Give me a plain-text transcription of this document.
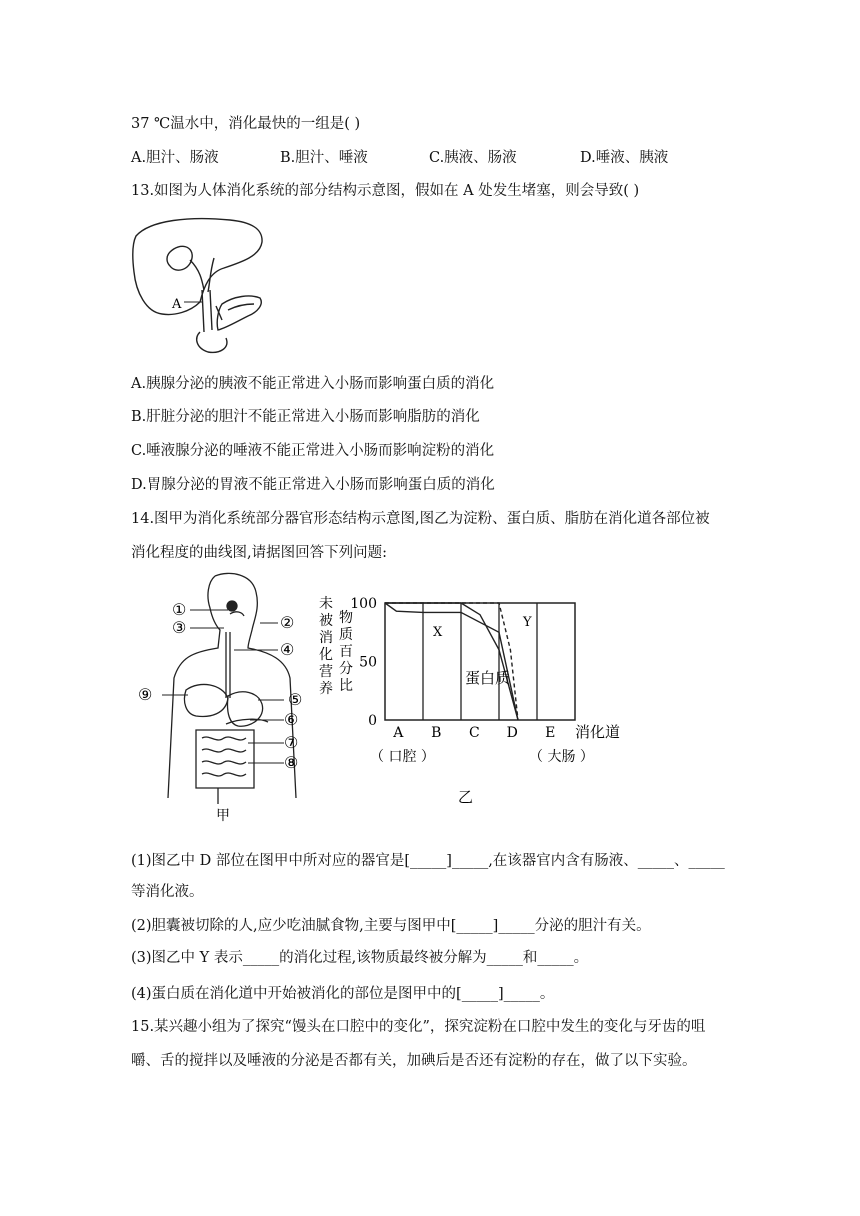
37 ℃温水中，消化最快的一组是( )
A.胆汁、肠液	B.胆汁、唾液	C.胰液、肠液	D.唾液、胰液
13.如图为人体消化系统的部分结构示意图，假如在 A 处发生堵塞，则会导致( )
A
A.胰腺分泌的胰液不能正常进入小肠而影响蛋白质的消化
B.肝脏分泌的胆汁不能正常进入小肠而影响脂肪的消化
C.唾液腺分泌的唾液不能正常进入小肠而影响淀粉的消化
D.胃腺分泌的胃液不能正常进入小肠而影响蛋白质的消化
14.图甲为消化系统部分器官形态结构示意图,图乙为淀粉、蛋白质、脂肪在消化道各部位被
消化程度的曲线图,请据图回答下列问题:
①
②
③
④
⑤
⑥
⑦
⑧
⑨
甲
未
被
消
化
营
养
物
质
百
分
比
0
50
100
A B C D E 消化道
（ 口腔 ）	（ 大肠 ）
蛋白质
X
Y
乙
(1)图乙中 D 部位在图甲中所对应的器官是[_____]_____,在该器官内含有肠液、_____、_____
等消化液。
(2)胆囊被切除的人,应少吃油腻食物,主要与图甲中[_____]_____分泌的胆汁有关。
(3)图乙中 Y 表示_____的消化过程,该物质最终被分解为_____和_____。
(4)蛋白质在消化道中开始被消化的部位是图甲中的[_____]_____。
15.某兴趣小组为了探究“馒头在口腔中的变化”，探究淀粉在口腔中发生的变化与牙齿的咀
嚼、舌的搅拌以及唾液的分泌是否都有关，加碘后是否还有淀粉的存在，做了以下实验。
